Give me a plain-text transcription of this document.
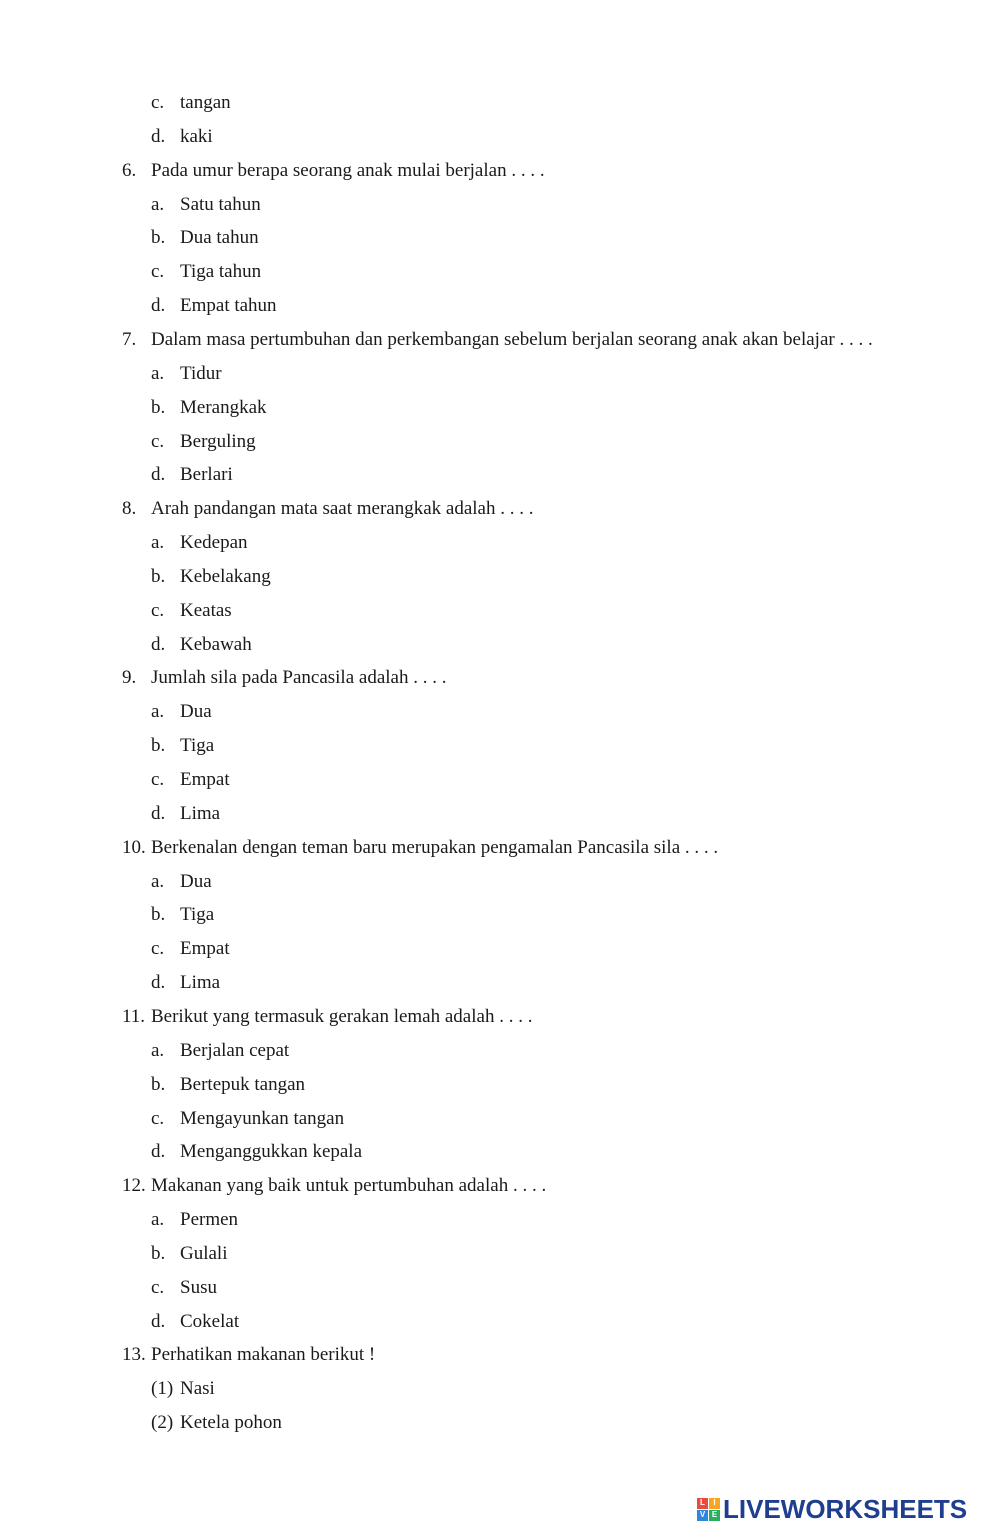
c. tangan
d. kaki
6. Pada umur berapa seorang anak mulai berjalan . . . .
a. Satu tahun
b. Dua tahun
c. Tiga tahun
d. Empat tahun
7. Dalam masa pertumbuhan dan perkembangan sebelum berjalan seorang anak akan belajar . . . .
a. Tidur
b. Merangkak
c. Berguling
d. Berlari
8. Arah pandangan mata saat merangkak adalah . . . .
a. Kedepan
b. Kebelakang
c. Keatas
d. Kebawah
9. Jumlah sila pada Pancasila adalah . . . .
a. Dua
b. Tiga
c. Empat
d. Lima
10. Berkenalan dengan teman baru merupakan pengamalan Pancasila sila . . . .
a. Dua
b. Tiga
c. Empat
d. Lima
11. Berikut yang termasuk gerakan lemah adalah . . . .
a. Berjalan cepat
b. Bertepuk tangan
c. Mengayunkan tangan
d. Menganggukkan kepala
12. Makanan yang baik untuk pertumbuhan adalah . . . .
a. Permen
b. Gulali
c. Susu
d. Cokelat
13. Perhatikan makanan berikut !
(1) Nasi
(2) Ketela pohon
L	I
V E LIVEWORKSHEETS
